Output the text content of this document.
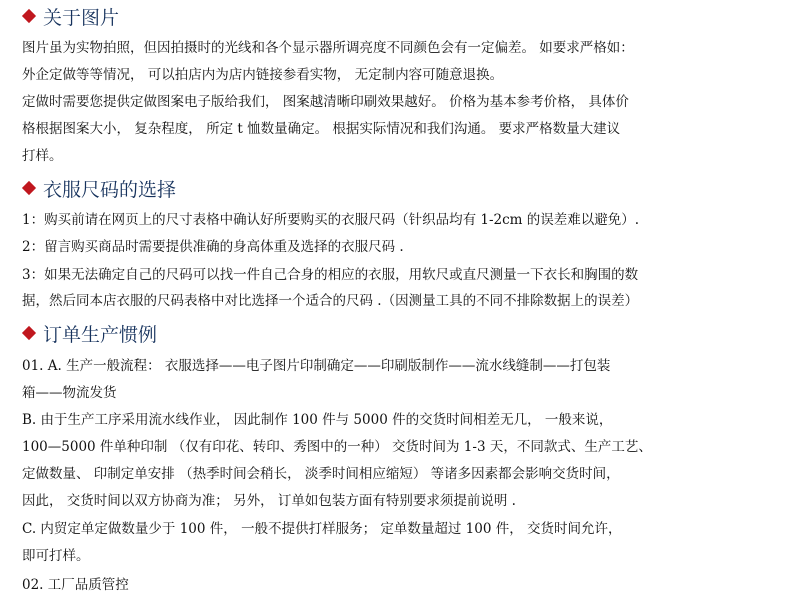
关于图片
图片虽为实物拍照，但因拍摄时的光线和各个显示器所调亮度不同颜色会有一定偏差。 如要求严格如：
外企定做等等情况， 可以拍店内为店内链接参看实物， 无定制内容可随意退换。
定做时需要您提供定做图案电子版给我们， 图案越清晰印刷效果越好。 价格为基本参考价格， 具体价
格根据图案大小， 复杂程度， 所定 t 恤数量确定。 根据实际情况和我们沟通。 要求严格数量大建议
打样。
衣服尺码的选择
1：购买前请在网页上的尺寸表格中确认好所要购买的衣服尺码（针织品均有 1-2cm 的误差难以避免）.
2：留言购买商品时需要提供准确的身高体重及选择的衣服尺码 .
3：如果无法确定自己的尺码可以找一件自己合身的相应的衣服，用软尺或直尺测量一下衣长和胸围的数
据，然后同本店衣服的尺码表格中对比选择一个适合的尺码 .（因测量工具的不同不排除数据上的误差）
订单生产惯例
01. A. 生产一般流程： 衣服选择——电子图片印制确定——印刷版制作——流水线缝制——打包装
箱——物流发货
B. 由于生产工序采用流水线作业， 因此制作 100 件与 5000 件的交货时间相差无几， 一般来说，
100—5000 件单种印制 （仅有印花、转印、秀图中的一种） 交货时间为 1-3 天，不同款式、生产工艺、
定做数量、 印制定单安排 （热季时间会稍长， 淡季时间相应缩短） 等诸多因素都会影响交货时间，
因此， 交货时间以双方协商为准； 另外， 订单如包装方面有特别要求须提前说明 .
C. 内贸定单定做数量少于 100 件， 一般不提供打样服务； 定单数量超过 100 件， 交货时间允许，
即可打样。
02. 工厂品质管控
